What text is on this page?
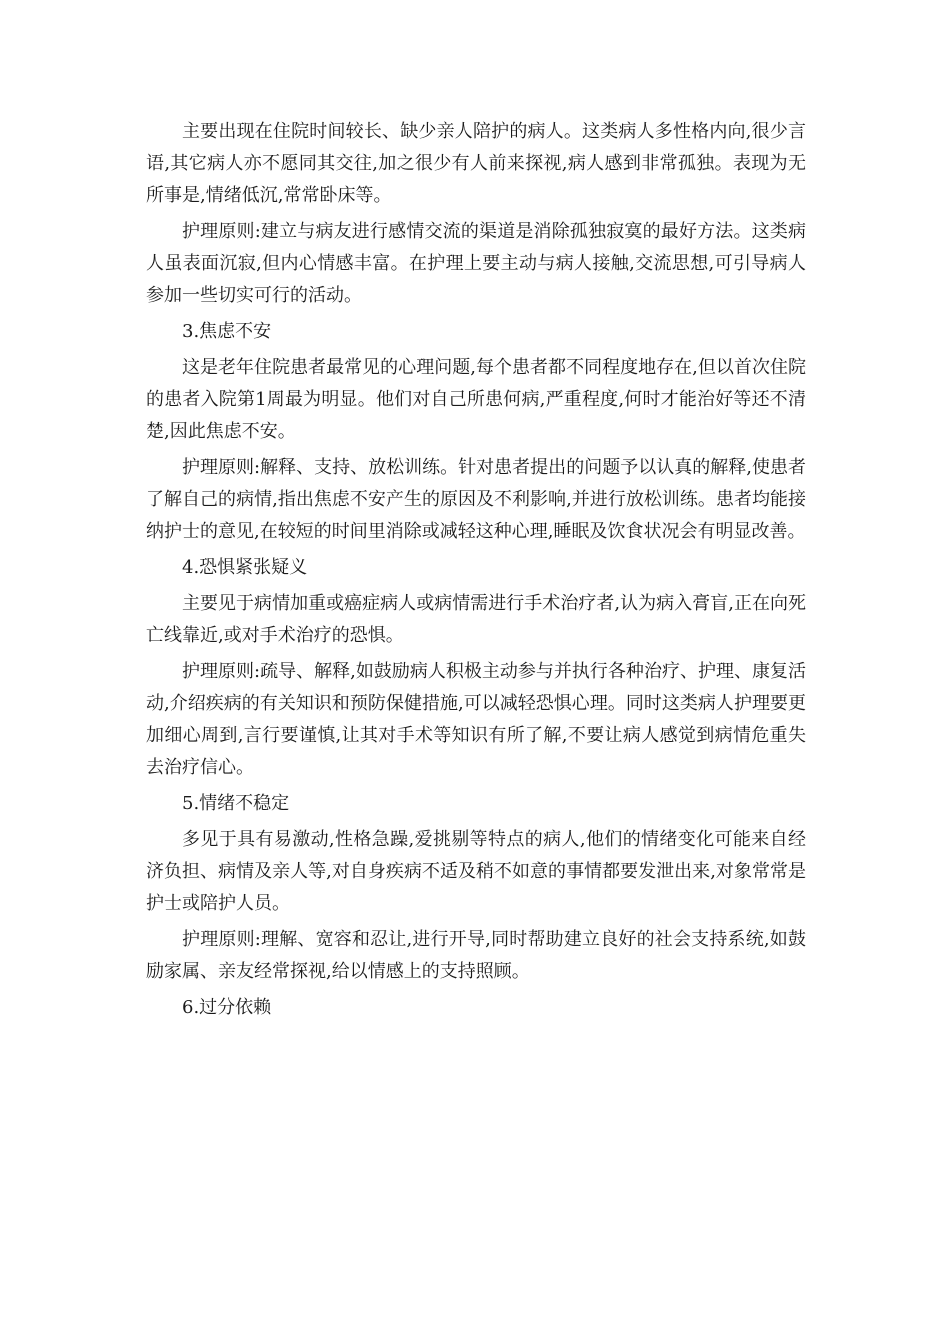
主要出现在住院时间较长、缺少亲人陪护的病人。这类病人多性格内向,很少言语,其它病人亦不愿同其交往,加之很少有人前来探视,病人感到非常孤独。表现为无所事是,情绪低沉,常常卧床等。

护理原则:建立与病友进行感情交流的渠道是消除孤独寂寞的最好方法。这类病人虽表面沉寂,但内心情感丰富。在护理上要主动与病人接触,交流思想,可引导病人参加一些切实可行的活动。

3.焦虑不安

这是老年住院患者最常见的心理问题,每个患者都不同程度地存在,但以首次住院的患者入院第1周最为明显。他们对自己所患何病,严重程度,何时才能治好等还不清楚,因此焦虑不安。

护理原则:解释、支持、放松训练。针对患者提出的问题予以认真的解释,使患者了解自己的病情,指出焦虑不安产生的原因及不利影响,并进行放松训练。患者均能接纳护士的意见,在较短的时间里消除或减轻这种心理,睡眠及饮食状况会有明显改善。

4.恐惧紧张疑义

主要见于病情加重或癌症病人或病情需进行手术治疗者,认为病入膏盲,正在向死亡线靠近,或对手术治疗的恐惧。

护理原则:疏导、解释,如鼓励病人积极主动参与并执行各种治疗、护理、康复活动,介绍疾病的有关知识和预防保健措施,可以减轻恐惧心理。同时这类病人护理要更加细心周到,言行要谨慎,让其对手术等知识有所了解,不要让病人感觉到病情危重失去治疗信心。

5.情绪不稳定

多见于具有易激动,性格急躁,爱挑剔等特点的病人,他们的情绪变化可能来自经济负担、病情及亲人等,对自身疾病不适及稍不如意的事情都要发泄出来,对象常常是护士或陪护人员。

护理原则:理解、宽容和忍让,进行开导,同时帮助建立良好的社会支持系统,如鼓励家属、亲友经常探视,给以情感上的支持照顾。

6.过分依赖
